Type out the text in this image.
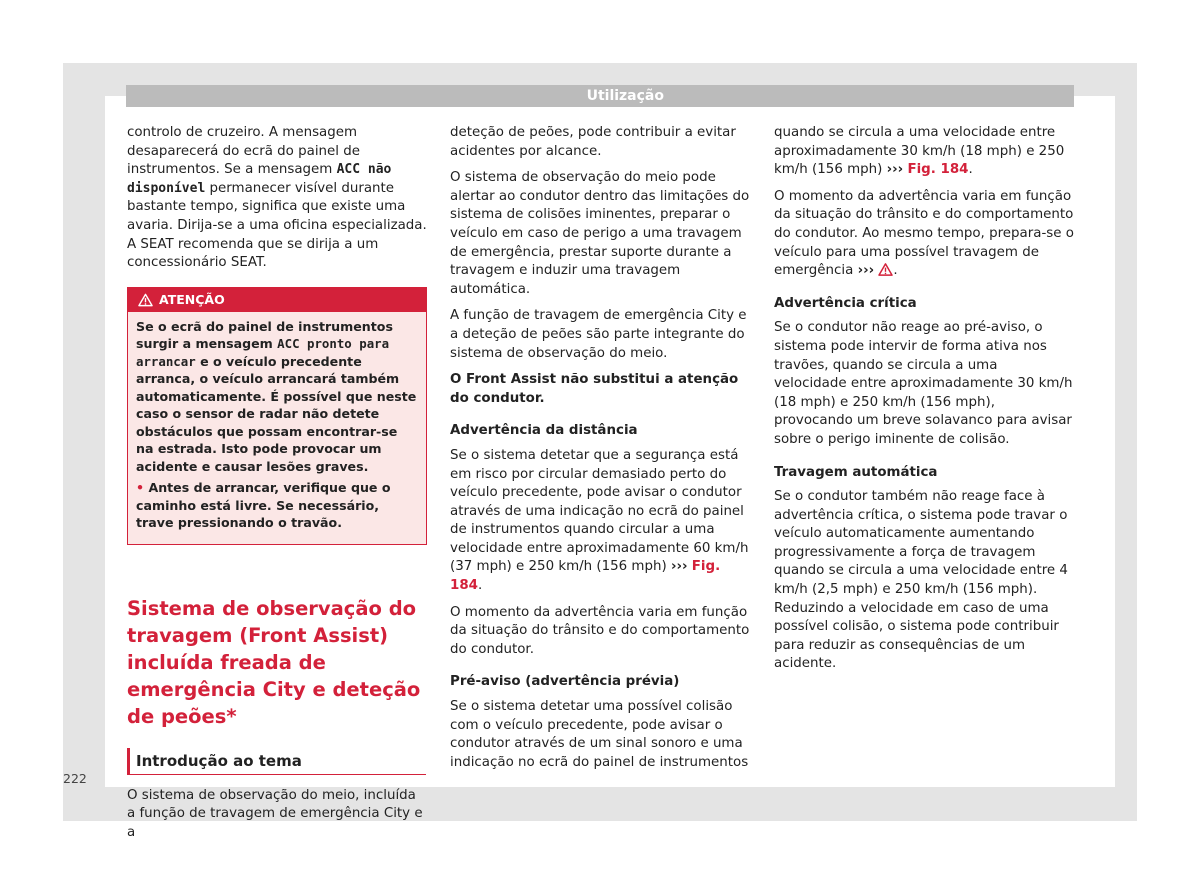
Utilização

controlo de cruzeiro. A mensagem desaparecerá do ecrã do painel de instrumentos. Se a mensagem ACC não disponível permanecer visível durante bastante tempo, significa que existe uma avaria. Dirija-se a uma oficina especializada. A SEAT recomenda que se dirija a um concessionário SEAT.

ATENÇÃO

Se o ecrã do painel de instrumentos surgir a mensagem ACC pronto para arrancar e o veículo precedente arranca, o veículo arrancará também automaticamente. É possível que neste caso o sensor de radar não detete obstáculos que possam encontrar-se na estrada. Isto pode provocar um acidente e causar lesões graves.

• Antes de arrancar, verifique que o caminho está livre. Se necessário, trave pressionando o travão.

Sistema de observação do travagem (Front Assist) incluída freada de emergência City e deteção de peões*
Introdução ao tema

O sistema de observação do meio, incluída a função de travagem de emergência City e a

deteção de peões, pode contribuir a evitar acidentes por alcance.

O sistema de observação do meio pode alertar ao condutor dentro das limitações do sistema de colisões iminentes, preparar o veículo em caso de perigo a uma travagem de emergência, prestar suporte durante a travagem e induzir uma travagem automática.

A função de travagem de emergência City e a deteção de peões são parte integrante do sistema de observação do meio.

O Front Assist não substitui a atenção do condutor.

Advertência da distância

Se o sistema detetar que a segurança está em risco por circular demasiado perto do veículo precedente, pode avisar o condutor através de uma indicação no ecrã do painel de instrumentos quando circular a uma velocidade entre aproximadamente 60 km/h (37 mph) e 250 km/h (156 mph) ››› Fig. 184.

O momento da advertência varia em função da situação do trânsito e do comportamento do condutor.

Pré-aviso (advertência prévia)

Se o sistema detetar uma possível colisão com o veículo precedente, pode avisar o condutor através de um sinal sonoro e uma indicação no ecrã do painel de instrumentos

quando se circula a uma velocidade entre aproximadamente 30 km/h (18 mph) e 250 km/h (156 mph) ››› Fig. 184.

O momento da advertência varia em função da situação do trânsito e do comportamento do condutor. Ao mesmo tempo, prepara-se o veículo para uma possível travagem de emergência ››› .

Advertência crítica

Se o condutor não reage ao pré-aviso, o sistema pode intervir de forma ativa nos travões, quando se circula a uma velocidade entre aproximadamente 30 km/h (18 mph) e 250 km/h (156 mph), provocando um breve solavanco para avisar sobre o perigo iminente de colisão.

Travagem automática

Se o condutor também não reage face à advertência crítica, o sistema pode travar o veículo automaticamente aumentando progressivamente a força de travagem quando se circula a uma velocidade entre 4 km/h (2,5 mph) e 250 km/h (156 mph). Reduzindo a velocidade em caso de uma possível colisão, o sistema pode contribuir para reduzir as consequências de um acidente.

222
